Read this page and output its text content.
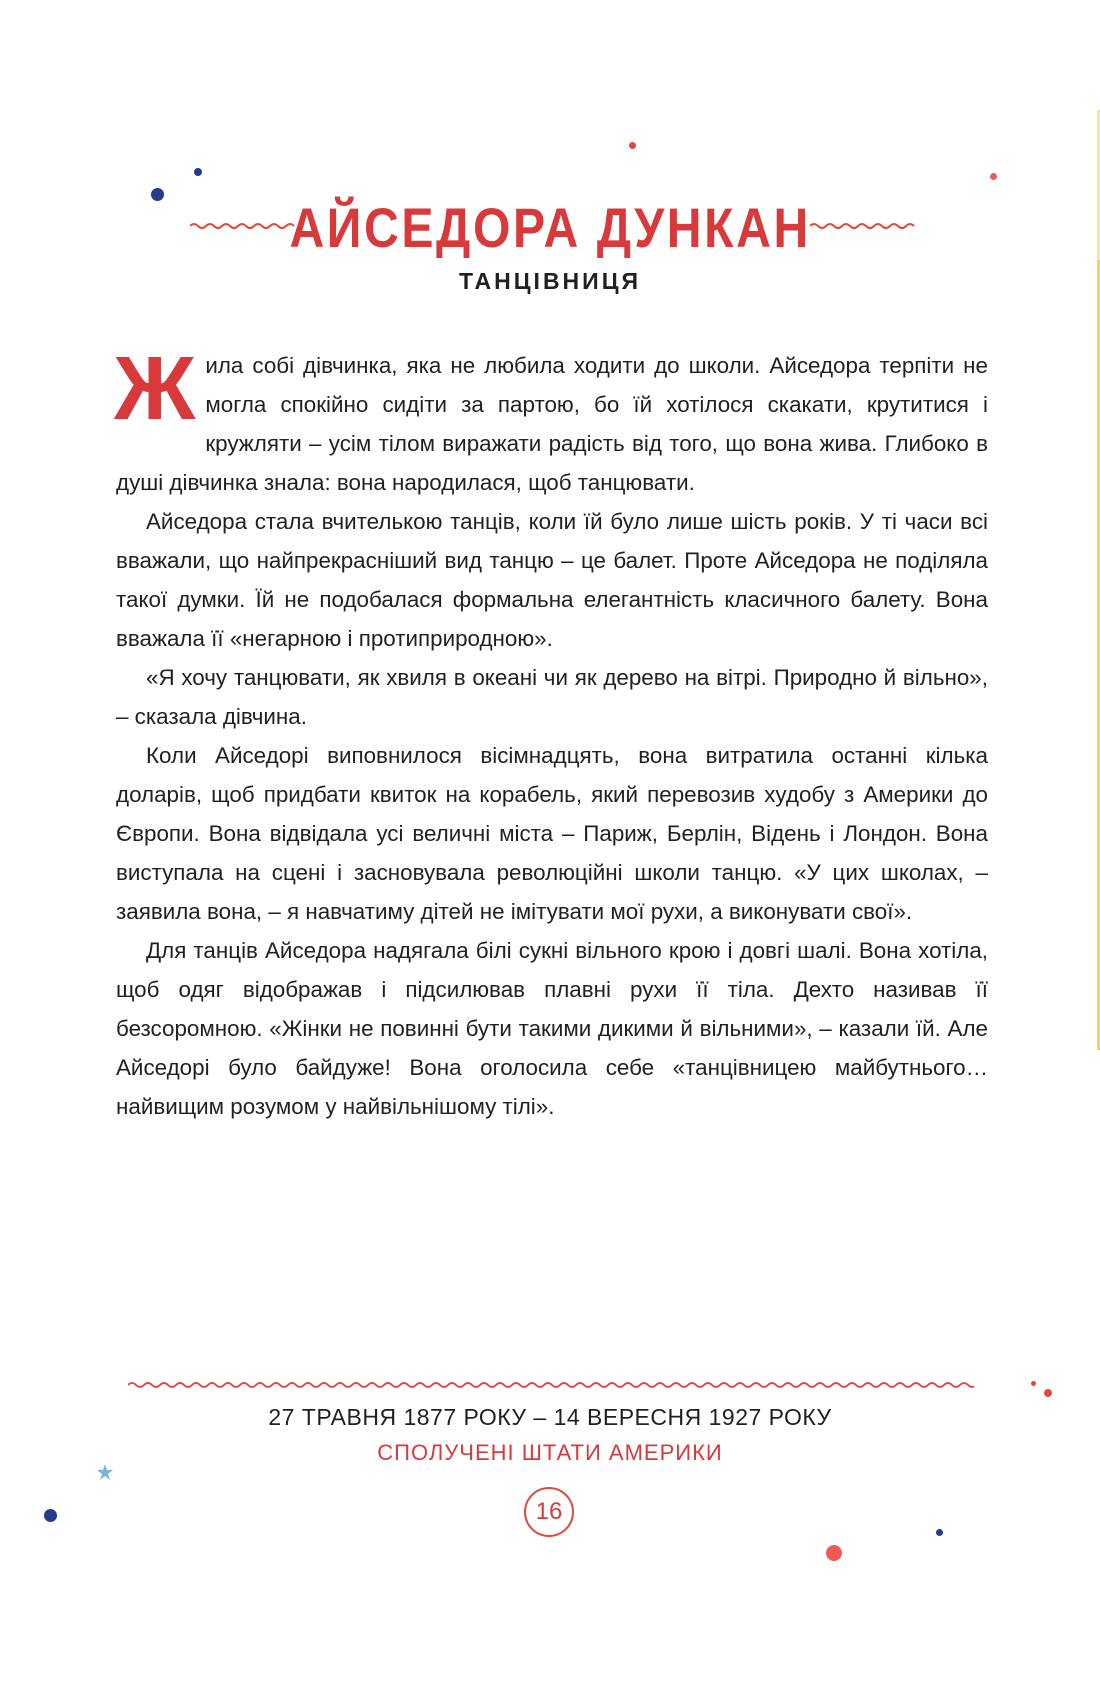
АЙСЕДОРА ДУНКАН
ТАНЦІВНИЦЯ

Жила собі дівчинка, яка не любила ходити до школи. Айседора терпіти не могла спокійно сидіти за партою, бо їй хотілося скакати, крутитися і кружляти – усім тілом виражати радість від того, що вона жива. Глибоко в душі дівчинка знала: вона народилася, щоб танцювати.

Айседора стала вчителькою танців, коли їй було лише шість років. У ті часи всі вважали, що найпрекрасніший вид танцю – це балет. Проте Айседора не поділяла такої думки. Їй не подобалася формальна елегантність класичного балету. Вона вважала її «негарною і протиприродною».

«Я хочу танцювати, як хвиля в океані чи як дерево на вітрі. Природно й вільно», – сказала дівчина.

Коли Айседорі виповнилося вісімнадцять, вона витратила останні кілька доларів, щоб придбати квиток на корабель, який перевозив худобу з Америки до Європи. Вона відвідала усі величні міста – Париж, Берлін, Відень і Лондон. Вона виступала на сцені і засновувала революційні школи танцю. «У цих школах, – заявила вона, – я навчатиму дітей не імітувати мої рухи, а виконувати свої».

Для танців Айседора надягала білі сукні вільного крою і довгі шалі. Вона хотіла, щоб одяг відображав і підсилював плавні рухи її тіла. Дехто називав її безсоромною. «Жінки не повинні бути такими дикими й вільними», – казали їй. Але Айседорі було байдуже! Вона оголосила себе «танцівницею майбутнього… найвищим розумом у найвільнішому тілі».

27 ТРАВНЯ 1877 РОКУ – 14 ВЕРЕСНЯ 1927 РОКУ
СПОЛУЧЕНІ ШТАТИ АМЕРИКИ
16
